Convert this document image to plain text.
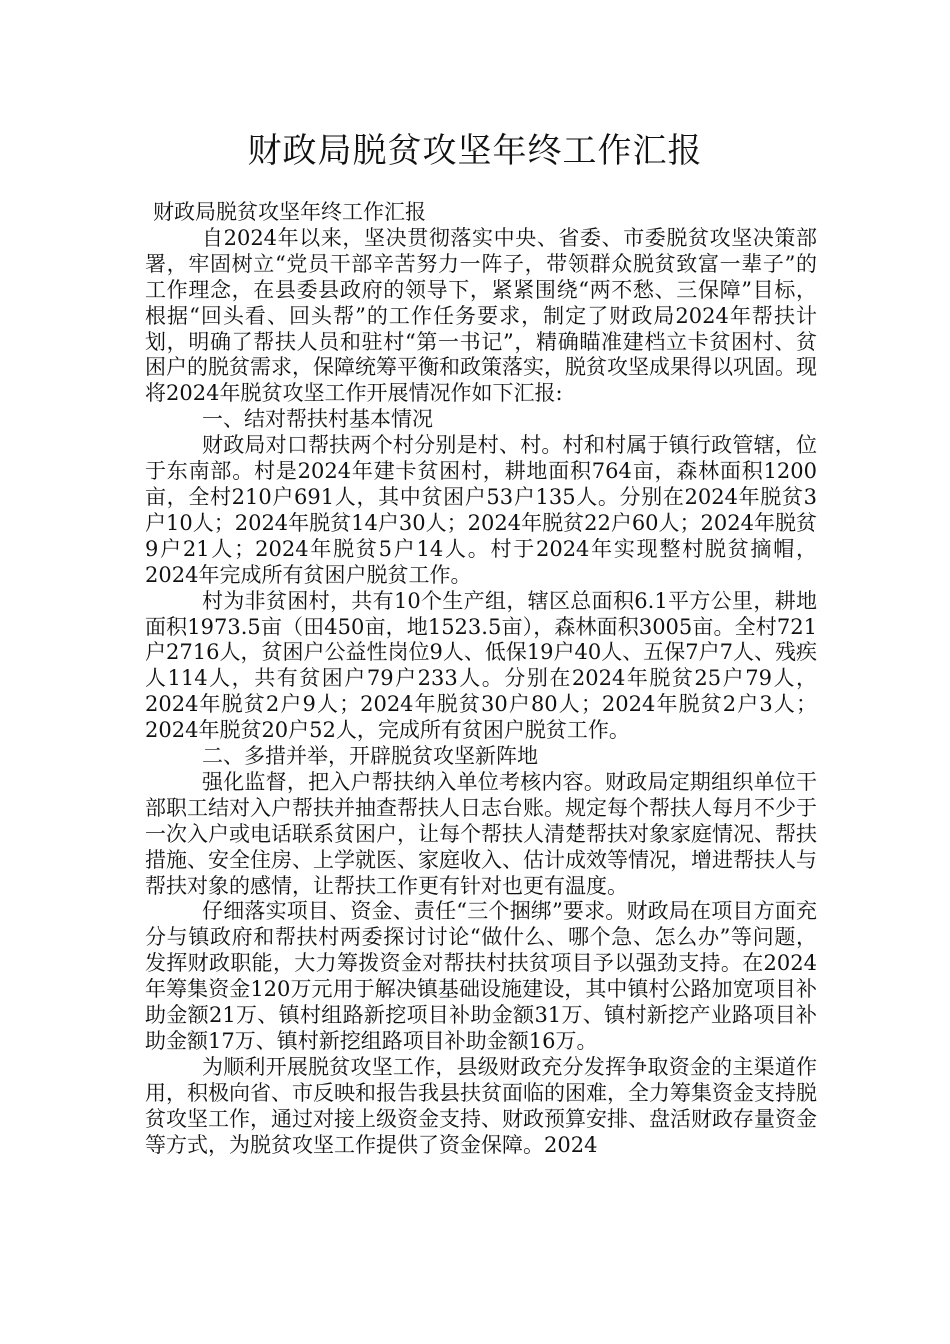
财政局脱贫攻坚年终工作汇报

财政局脱贫攻坚年终工作汇报

自2024年以来，坚决贯彻落实中央、省委、市委脱贫攻坚决策部署，牢固树立“党员干部辛苦努力一阵子，带领群众脱贫致富一辈子”的工作理念，在县委县政府的领导下，紧紧围绕“两不愁、三保障”目标，根据“回头看、回头帮”的工作任务要求，制定了财政局2024年帮扶计划，明确了帮扶人员和驻村“第一书记”，精确瞄准建档立卡贫困村、贫困户的脱贫需求，保障统筹平衡和政策落实，脱贫攻坚成果得以巩固。现将2024年脱贫攻坚工作开展情况作如下汇报:

一、结对帮扶村基本情况

财政局对口帮扶两个村分别是村、村。村和村属于镇行政管辖，位于东南部。村是2024年建卡贫困村，耕地面积764亩，森林面积1200亩，全村210户691人，其中贫困户53户135人。分别在2024年脱贫3户10人；2024年脱贫14户30人；2024年脱贫22户60人；2024年脱贫9户21人；2024年脱贫5户14人。村于2024年实现整村脱贫摘帽，2024年完成所有贫困户脱贫工作。

村为非贫困村，共有10个生产组，辖区总面积6.1平方公里，耕地面积1973.5亩（田450亩，地1523.5亩），森林面积3005亩。全村721户2716人，贫困户公益性岗位9人、低保19户40人、五保7户7人、残疾人114人，共有贫困户79户233人。分别在2024年脱贫25户79人，2024年脱贫2户9人；2024年脱贫30户80人；2024年脱贫2户3人；2024年脱贫20户52人，完成所有贫困户脱贫工作。

二、多措并举，开辟脱贫攻坚新阵地

强化监督，把入户帮扶纳入单位考核内容。财政局定期组织单位干部职工结对入户帮扶并抽查帮扶人日志台账。规定每个帮扶人每月不少于一次入户或电话联系贫困户，让每个帮扶人清楚帮扶对象家庭情况、帮扶措施、安全住房、上学就医、家庭收入、估计成效等情况，增进帮扶人与帮扶对象的感情，让帮扶工作更有针对也更有温度。

仔细落实项目、资金、责任“三个捆绑”要求。财政局在项目方面充分与镇政府和帮扶村两委探讨讨论“做什么、哪个急、怎么办”等问题，发挥财政职能，大力筹拨资金对帮扶村扶贫项目予以强劲支持。在2024年筹集资金120万元用于解决镇基础设施建设，其中镇村公路加宽项目补助金额21万、镇村组路新挖项目补助金额31万、镇村新挖产业路项目补助金额17万、镇村新挖组路项目补助金额16万。

为顺利开展脱贫攻坚工作，县级财政充分发挥争取资金的主渠道作用，积极向省、市反映和报告我县扶贫面临的困难，全力筹集资金支持脱贫攻坚工作，通过对接上级资金支持、财政预算安排、盘活财政存量资金等方式，为脱贫攻坚工作提供了资金保障。2024
